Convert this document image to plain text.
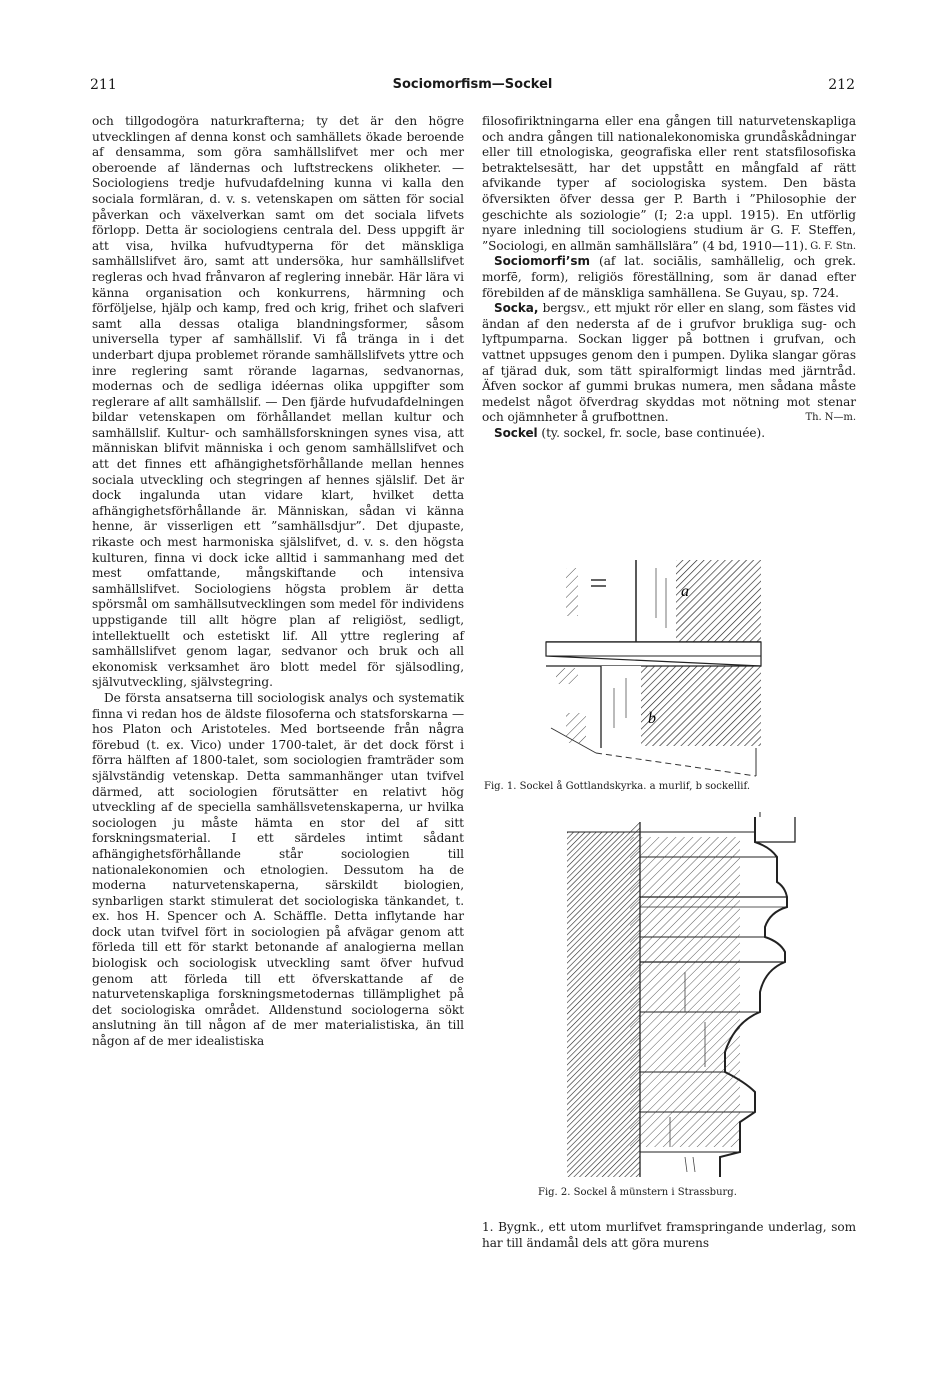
211	Sociomorfism—Sockel	212

och tillgodogöra naturkrafterna; ty det är den högre utvecklingen af denna konst och samhällets ökade beroende af densamma, som göra samhällslifvet mer och mer oberoende af ländernas och luftstreckens olikheter. — Sociologiens tredje hufvudafdelning kunna vi kalla den sociala formläran, d. v. s. vetenskapen om sätten för social påverkan och växelverkan samt om det sociala lifvets förlopp. Detta är sociologiens centrala del. Dess uppgift är att visa, hvilka hufvudtyperna för det mänskliga samhällslifvet äro, samt att undersöka, hur samhällslifvet regleras och hvad frånvaron af reglering innebär. Här lära vi känna organisation och konkurrens, härmning och förföljelse, hjälp och kamp, fred och krig, frihet och slafveri samt alla dessas otaliga blandningsformer, såsom universella typer af samhällslif. Vi få tränga in i det underbart djupa problemet rörande samhällslifvets yttre och inre reglering samt rörande lagarnas, sedvanornas, modernas och de sedliga idéernas olika uppgifter som reglerare af allt samhällslif. — Den fjärde hufvudafdelningen bildar vetenskapen om förhållandet mellan kultur och samhällslif. Kultur- och samhällsforskningen synes visa, att människan blifvit människa i och genom samhällslifvet och att det finnes ett afhängighetsförhållande mellan hennes sociala utveckling och stegringen af hennes själslif. Det är dock ingalunda utan vidare klart, hvilket detta afhängighetsförhållande är. Människan, sådan vi känna henne, är visserligen ett ”samhällsdjur”. Det djupaste, rikaste och mest harmoniska själslifvet, d. v. s. den högsta kulturen, finna vi dock icke alltid i sammanhang med det mest omfattande, mångskiftande och intensiva samhällslifvet. Sociologiens högsta problem är detta spörsmål om samhällsutvecklingen som medel för individens uppstigande till allt högre plan af religiöst, sedligt, intellektuellt och estetiskt lif. All yttre reglering af samhällslifvet genom lagar, sedvanor och bruk och all ekonomisk verksamhet äro blott medel för själsodling, självutveckling, självstegring.

De första ansatserna till sociologisk analys och systematik finna vi redan hos de äldste filosoferna och statsforskarna — hos Platon och Aristoteles. Med bortseende från några förebud (t. ex. Vico) under 1700-talet, är det dock först i förra hälften af 1800-talet, som sociologien framträder som självständig vetenskap. Detta sammanhänger utan tvifvel därmed, att sociologien förutsätter en relativt hög utveckling af de speciella samhällsvetenskaperna, ur hvilka sociologen ju måste hämta en stor del af sitt forskningsmaterial. I ett särdeles intimt sådant afhängighetsförhållande står sociologien till nationalekonomien och etnologien. Dessutom ha de moderna naturvetenskaperna, särskildt biologien, synbarligen starkt stimulerat det sociologiska tänkandet, t. ex. hos H. Spencer och A. Schäffle. Detta inflytande har dock utan tvifvel fört in sociologien på afvägar genom att förleda till ett för starkt betonande af analogierna mellan biologisk och sociologisk utveckling samt öfver hufvud genom att förleda till ett öfverskattande af de naturvetenskapliga forskningsmetodernas tillämplighet på det sociologiska området. Alldenstund sociologerna sökt anslutning än till någon af de mer materialistiska, än till någon af de mer idealistiska

filosofiriktningarna eller ena gången till naturvetenskapliga och andra gången till nationalekonomiska grundåskådningar eller till etnologiska, geografiska eller rent statsfilosofiska betraktelsesätt, har det uppstått en mångfald af rätt afvikande typer af sociologiska system. Den bästa öfversikten öfver dessa ger P. Barth i ”Philosophie der geschichte als soziologie” (I; 2:a uppl. 1915). En utförlig nyare inledning till sociologiens studium är G. F. Steffen, ”Sociologi, en allmän samhällslära” (4 bd, 1910—11). G. F. Stn.

Sociomorfi’sm (af lat. sociālis, samhällelig, och grek. morfē, form), religiös föreställning, som är danad efter förebilden af de mänskliga samhällena. Se Guyau, sp. 724.

Socka, bergsv., ett mjukt rör eller en slang, som fästes vid ändan af den nedersta af de i grufvor brukliga sug- och lyftpumparna. Sockan ligger på bottnen i grufvan, och vattnet uppsuges genom den i pumpen. Dylika slangar göras af tjärad duk, som tätt spiralformigt lindas med järntråd. Äfven sockor af gummi brukas numera, men sådana måste medelst något öfverdrag skyddas mot nötning mot stenar och ojämnheter å grufbottnen.	Th. N—m.

Sockel (ty. sockel, fr. socle, base continuée).

a
b
Fig. 1. Sockel å Gottlandskyrka. a murlif, b sockellif.
Fig. 2. Sockel å münstern i Strassburg.

1. Bygnk., ett utom murlifvet framspringande underlag, som har till ändamål dels att göra murens
